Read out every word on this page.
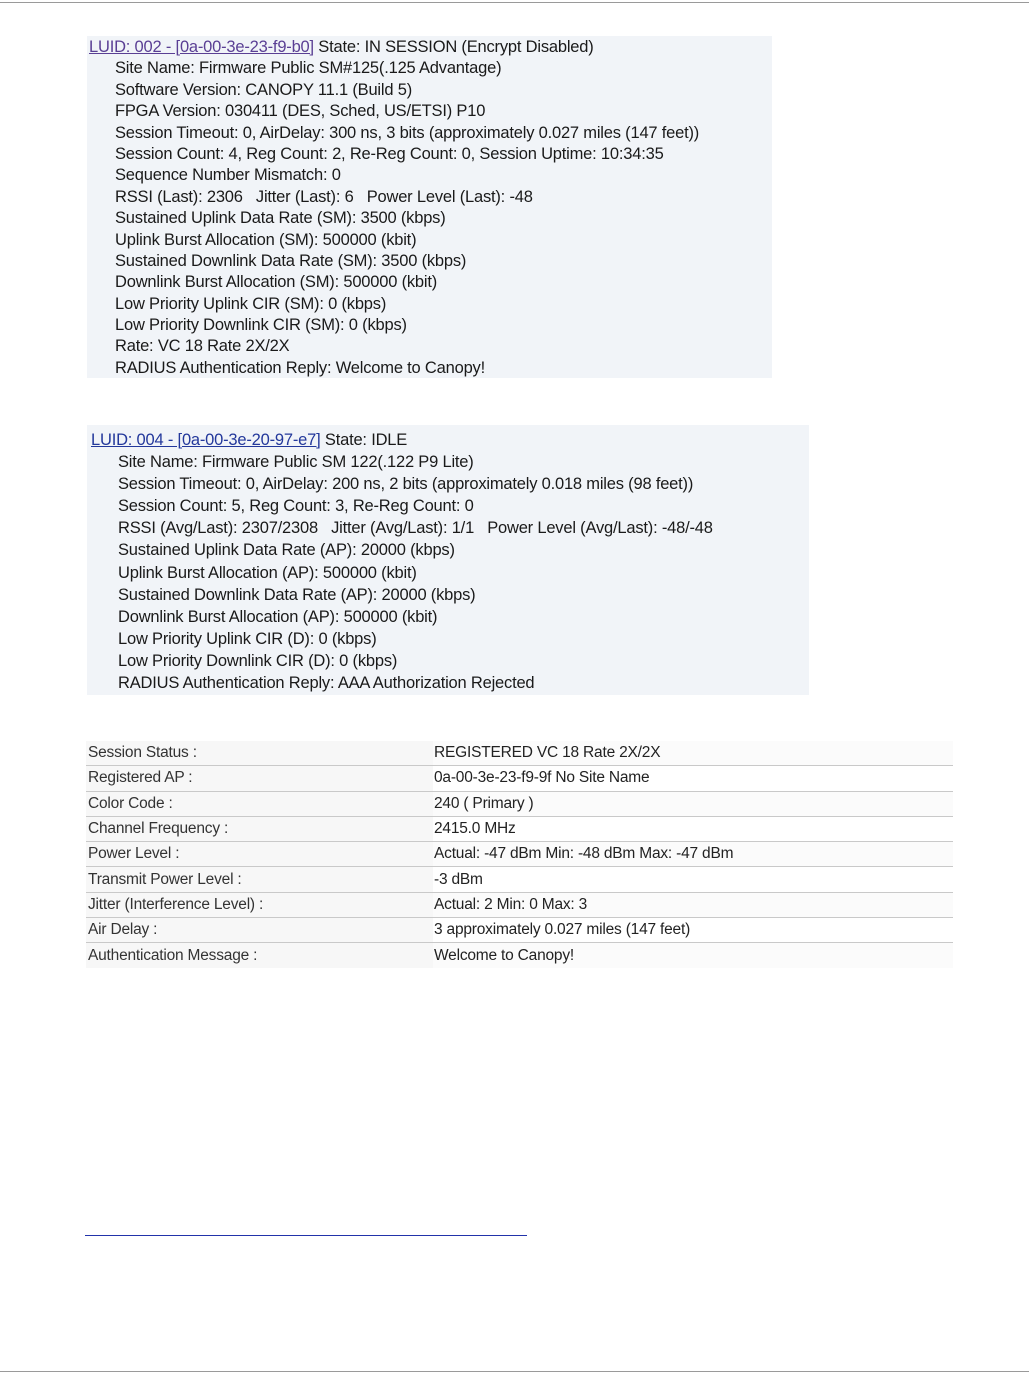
LUID: 002 - [0a-00-3e-23-f9-b0] State: IN SESSION (Encrypt Disabled)
Site Name: Firmware Public SM#125(.125 Advantage)
Software Version: CANOPY 11.1 (Build 5)
FPGA Version: 030411 (DES, Sched, US/ETSI) P10
Session Timeout: 0, AirDelay: 300 ns, 3 bits (approximately 0.027 miles (147 feet))
Session Count: 4, Reg Count: 2, Re-Reg Count: 0, Session Uptime: 10:34:35
Sequence Number Mismatch: 0
RSSI (Last): 2306   Jitter (Last): 6   Power Level (Last): -48
Sustained Uplink Data Rate (SM): 3500 (kbps)
Uplink Burst Allocation (SM): 500000 (kbit)
Sustained Downlink Data Rate (SM): 3500 (kbps)
Downlink Burst Allocation (SM): 500000 (kbit)
Low Priority Uplink CIR (SM): 0 (kbps)
Low Priority Downlink CIR (SM): 0 (kbps)
Rate: VC 18 Rate 2X/2X
RADIUS Authentication Reply: Welcome to Canopy!
LUID: 004 - [0a-00-3e-20-97-e7] State: IDLE
Site Name: Firmware Public SM 122(.122 P9 Lite)
Session Timeout: 0, AirDelay: 200 ns, 2 bits (approximately 0.018 miles (98 feet))
Session Count: 5, Reg Count: 3, Re-Reg Count: 0
RSSI (Avg/Last): 2307/2308   Jitter (Avg/Last): 1/1   Power Level (Avg/Last): -48/-48
Sustained Uplink Data Rate (AP): 20000 (kbps)
Uplink Burst Allocation (AP): 500000 (kbit)
Sustained Downlink Data Rate (AP): 20000 (kbps)
Downlink Burst Allocation (AP): 500000 (kbit)
Low Priority Uplink CIR (D): 0 (kbps)
Low Priority Downlink CIR (D): 0 (kbps)
RADIUS Authentication Reply: AAA Authorization Rejected
Session Status :	REGISTERED VC 18 Rate 2X/2X
Registered AP :	0a-00-3e-23-f9-9f No Site Name
Color Code :	240 ( Primary )
Channel Frequency :	2415.0 MHz
Power Level :	Actual: -47 dBm Min: -48 dBm Max: -47 dBm
Transmit Power Level :	-3 dBm
Jitter (Interference Level) :	Actual: 2 Min: 0 Max: 3
Air Delay :	3 approximately 0.027 miles (147 feet)
Authentication Message :	Welcome to Canopy!
